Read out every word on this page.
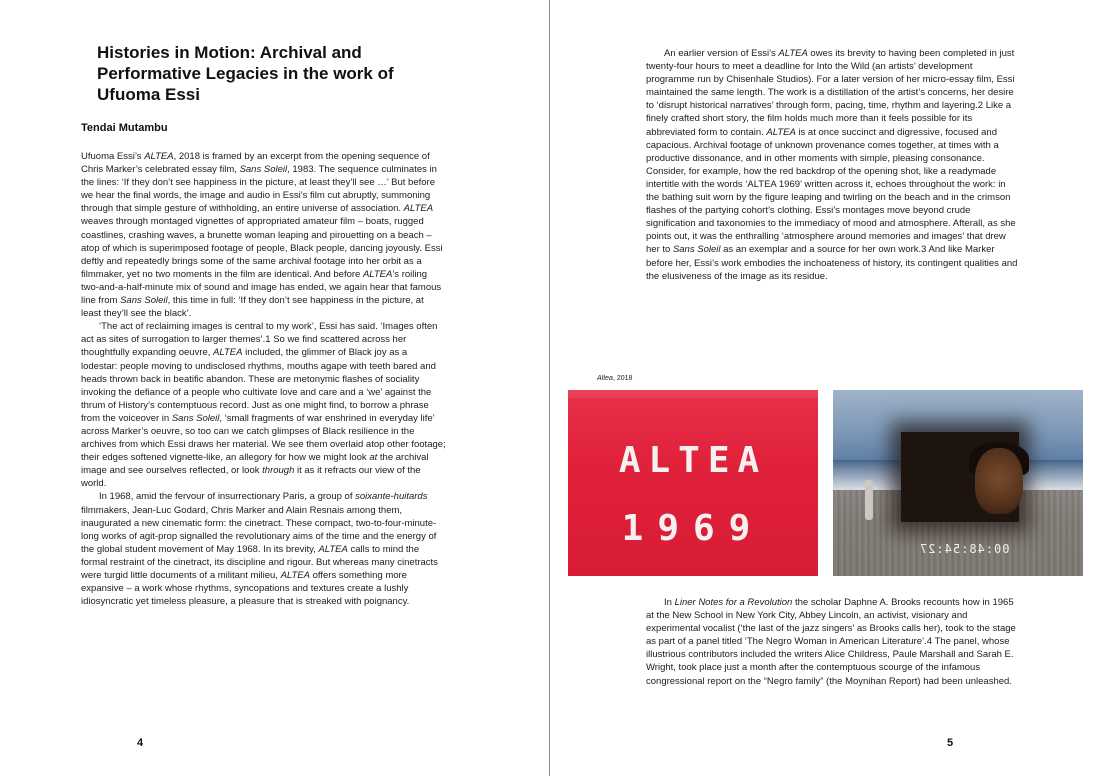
Histories in Motion: Archival and Performative Legacies in the work of Ufuoma Essi
Tendai Mutambu

Ufuoma Essi’s ALTEA, 2018 is framed by an excerpt from the opening sequence of Chris Marker’s celebrated essay film, Sans Soleil, 1983. The sequence culminates in the lines: ‘If they don’t see happiness in the picture, at least they’ll see …’ But before we hear the final words, the image and audio in Essi’s film cut abruptly, summoning through that simple gesture of withholding, an entire universe of association. ALTEA weaves through montaged vignettes of appropriated amateur film – boats, rugged coastlines, crashing waves, a brunette woman leaping and pirouetting on a beach – atop of which is superimposed footage of people, Black people, dancing joyously. Essi deftly and repeatedly brings some of the same archival footage into her orbit as a filmmaker, yet no two moments in the film are identical. And before ALTEA’s roiling two-and-a-half-minute mix of sound and image has ended, we again hear that famous line from Sans Soleil, this time in full: ‘If they don’t see happiness in the picture, at least they’ll see the black’.

‘The act of reclaiming images is central to my work’, Essi has said. ‘Images often act as sites of surrogation to larger themes’.1 So we find scattered across her thoughtfully expanding oeuvre, ALTEA included, the glimmer of Black joy as a lodestar: people moving to undisclosed rhythms, mouths agape with teeth bared and heads thrown back in beatific abandon. These are metonymic flashes of sociality invoking the defiance of a people who cultivate love and care and a ‘we’ against the thrum of History’s contemptuous record. Just as one might find, to borrow a phrase from the voiceover in Sans Soleil, ‘small fragments of war enshrined in everyday life’ across Marker’s oeuvre, so too can we catch glimpses of Black resilience in the archives from which Essi draws her material. We see them overlaid atop other footage; their edges softened vignette-like, an allegory for how we might look at the archival image and see ourselves reflected, or look through it as it refracts our view of the world.

In 1968, amid the fervour of insurrectionary Paris, a group of soixante-huitards filmmakers, Jean-Luc Godard, Chris Marker and Alain Resnais among them, inaugurated a new cinematic form: the cinetract. These compact, two-to-four-minute-long works of agit-prop signalled the revolutionary aims of the time and the energy of the global student movement of May 1968. In its brevity, ALTEA calls to mind the formal restraint of the cinetract, its discipline and rigour. But whereas many cinetracts were turgid little documents of a militant milieu, ALTEA offers something more expansive – a work whose rhythms, syncopations and textures create a lushly idiosyncratic yet timeless pleasure, a pleasure that is streaked with poignancy.

4

An earlier version of Essi’s ALTEA owes its brevity to having been completed in just twenty-four hours to meet a deadline for Into the Wild (an artists’ development programme run by Chisenhale Studios). For a later version of her micro-essay film, Essi maintained the same length. The work is a distillation of the artist’s concerns, her desire to ‘disrupt historical narratives’ through form, pacing, time, rhythm and layering.2 Like a finely crafted short story, the film holds much more than it feels possible for its abbreviated form to contain. ALTEA is at once succinct and digressive, focused and capacious. Archival footage of unknown provenance comes together, at times with a productive dissonance, and in other moments with simple, pleasing consonance. Consider, for example, how the red backdrop of the opening shot, like a readymade intertitle with the words ‘ALTEA 1969’ written across it, echoes throughout the work: in the bathing suit worn by the figure leaping and twirling on the beach and in the crimson flashes of the partying cohort’s clothing. Essi’s montages move beyond crude signification and taxonomies to the immediacy of mood and atmosphere. Afterall, as she points out, it was the enthralling ‘atmosphere around memories and images’ that drew her to Sans Soleil as an exemplar and a source for her own work.3 And like Marker before her, Essi’s work embodies the inchoateness of history, its contingent qualities and the elusiveness of the image as its residue.

Altea, 2018
ALTEA
1969	00:48:54:27

In Liner Notes for a Revolution the scholar Daphne A. Brooks recounts how in 1965 at the New School in New York City, Abbey Lincoln, an activist, visionary and experimental vocalist (‘the last of the jazz singers’ as Brooks calls her), took to the stage as part of a panel titled ‘The Negro Woman in American Literature’.4 The panel, whose illustrious contributors included the writers Alice Childress, Paule Marshall and Sarah E. Wright, took place just a month after the contemptuous scourge of the infamous congressional report on the “Negro family” (the Moynihan Report) had been unleashed.

5
